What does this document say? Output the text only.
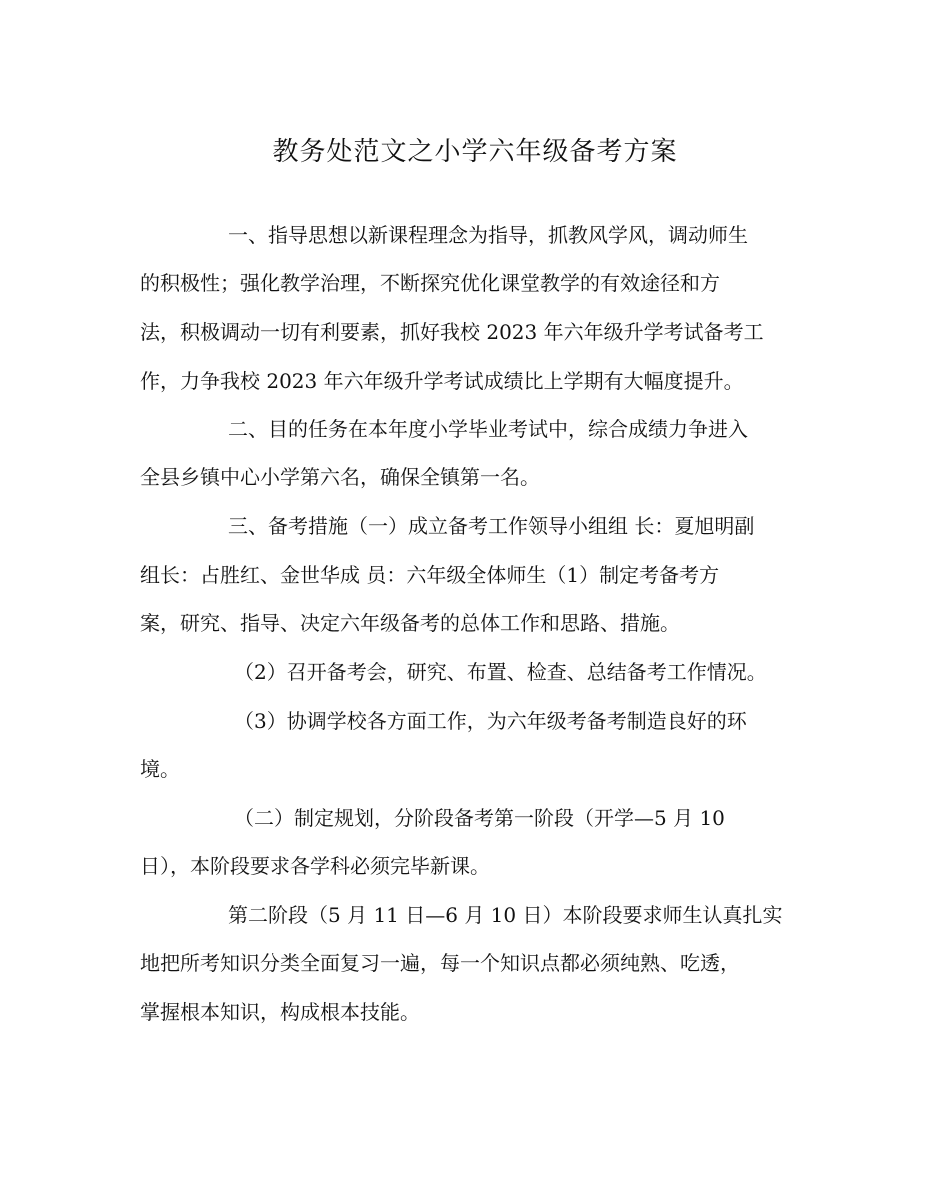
教务处范文之小学六年级备考方案

一、指导思想以新课程理念为指导，抓教风学风，调动师生

的积极性；强化教学治理，不断探究优化课堂教学的有效途径和方

法，积极调动一切有利要素，抓好我校 2023 年六年级升学考试备考工

作，力争我校 2023 年六年级升学考试成绩比上学期有大幅度提升。

二、目的任务在本年度小学毕业考试中，综合成绩力争进入

全县乡镇中心小学第六名，确保全镇第一名。

三、备考措施（一）成立备考工作领导小组组 长：夏旭明副

组长：占胜红、金世华成 员：六年级全体师生（1）制定考备考方

案，研究、指导、决定六年级备考的总体工作和思路、措施。

（2）召开备考会，研究、布置、检查、总结备考工作情况。

（3）协调学校各方面工作，为六年级考备考制造良好的环

境。

（二）制定规划，分阶段备考第一阶段（开学—5 月 10

日），本阶段要求各学科必须完毕新课。

第二阶段（5 月 11 日—6 月 10 日）本阶段要求师生认真扎实

地把所考知识分类全面复习一遍，每一个知识点都必须纯熟、吃透，

掌握根本知识，构成根本技能。
